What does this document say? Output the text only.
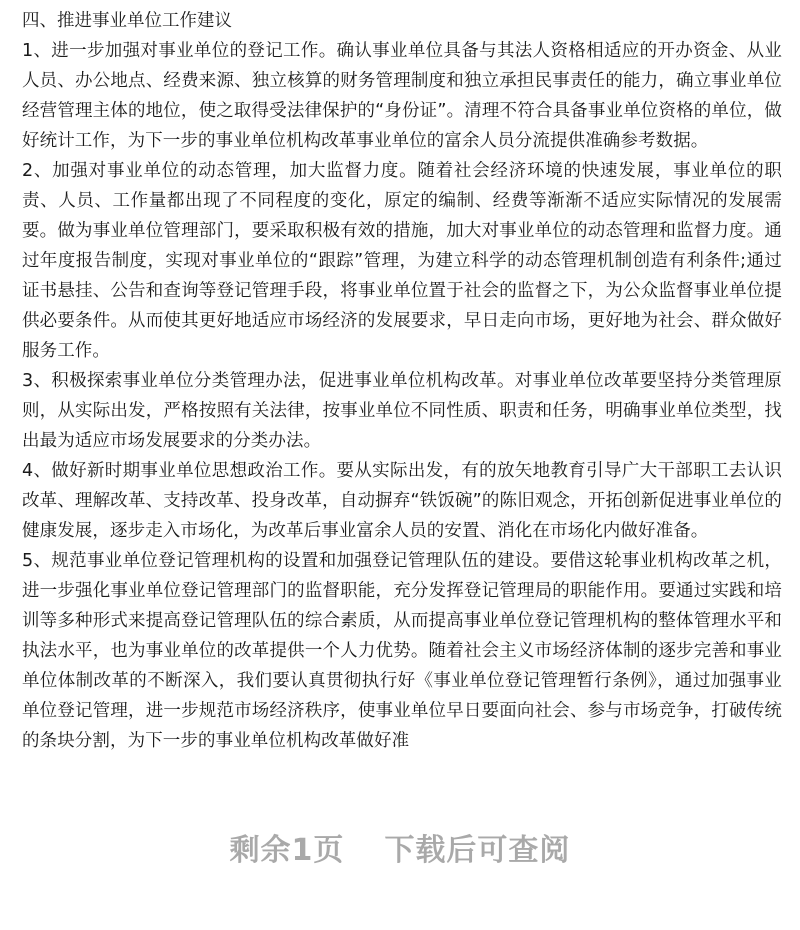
四、推进事业单位工作建议

1、进一步加强对事业单位的登记工作。确认事业单位具备与其法人资格相适应的开办资金、从业人员、办公地点、经费来源、独立核算的财务管理制度和独立承担民事责任的能力，确立事业单位经营管理主体的地位，使之取得受法律保护的“身份证”。清理不符合具备事业单位资格的单位，做好统计工作，为下一步的事业单位机构改革事业单位的富余人员分流提供准确参考数据。

2、加强对事业单位的动态管理，加大监督力度。随着社会经济环境的快速发展，事业单位的职责、人员、工作量都出现了不同程度的变化，原定的编制、经费等渐渐不适应实际情况的发展需要。做为事业单位管理部门，要采取积极有效的措施，加大对事业单位的动态管理和监督力度。通过年度报告制度，实现对事业单位的“跟踪”管理，为建立科学的动态管理机制创造有利条件;通过证书悬挂、公告和查询等登记管理手段，将事业单位置于社会的监督之下，为公众监督事业单位提供必要条件。从而使其更好地适应市场经济的发展要求，早日走向市场，更好地为社会、群众做好服务工作。

3、积极探索事业单位分类管理办法，促进事业单位机构改革。对事业单位改革要坚持分类管理原则，从实际出发，严格按照有关法律，按事业单位不同性质、职责和任务，明确事业单位类型，找出最为适应市场发展要求的分类办法。

4、做好新时期事业单位思想政治工作。要从实际出发，有的放矢地教育引导广大干部职工去认识改革、理解改革、支持改革、投身改革，自动摒弃“铁饭碗”的陈旧观念，开拓创新促进事业单位的健康发展，逐步走入市场化，为改革后事业富余人员的安置、消化在市场化内做好准备。

5、规范事业单位登记管理机构的设置和加强登记管理队伍的建设。要借这轮事业机构改革之机，进一步强化事业单位登记管理部门的监督职能，充分发挥登记管理局的职能作用。要通过实践和培训等多种形式来提高登记管理队伍的综合素质，从而提高事业单位登记管理机构的整体管理水平和执法水平，也为事业单位的改革提供一个人力优势。随着社会主义市场经济体制的逐步完善和事业单位体制改革的不断深入，我们要认真贯彻执行好《事业单位登记管理暂行条例》，通过加强事业单位登记管理，进一步规范市场经济秩序，使事业单位早日要面向社会、参与市场竞争，打破传统的条块分割，为下一步的事业单位机构改革做好准

剩余1页 下载后可查阅
